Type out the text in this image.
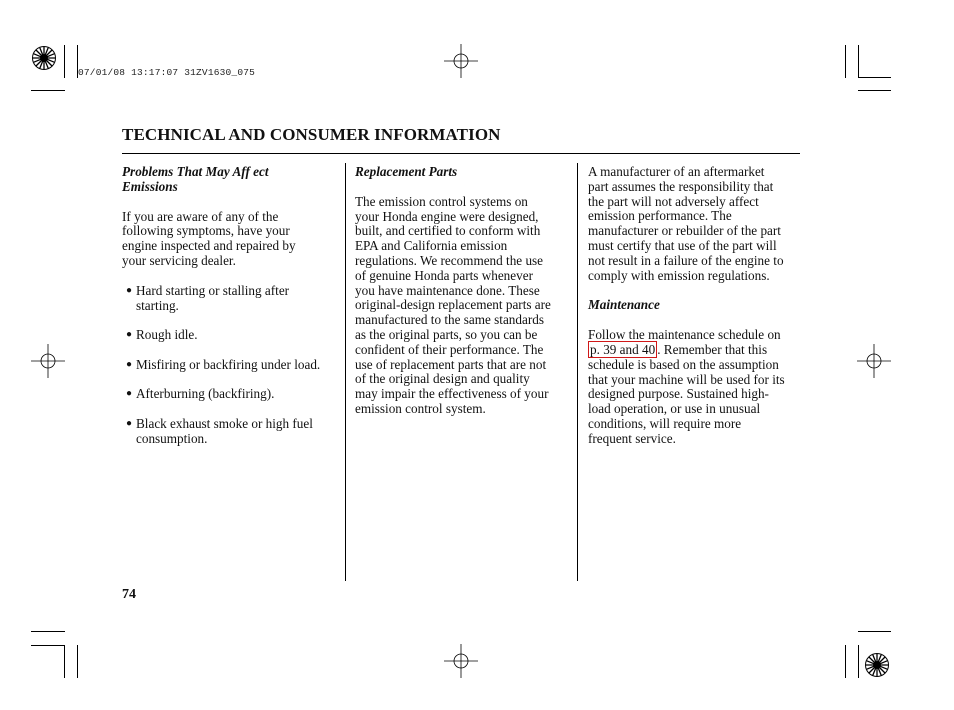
07/01/08 13:17:07 31ZV1630_075
TECHNICAL AND CONSUMER INFORMATION
Problems That May Aff ect
Emissions

If you are aware of any of the
following symptoms, have your
engine inspected and repaired by
your servicing dealer.

● Hard starting or stalling after
starting.
● Rough idle.
● Misfiring or backfiring under load.
● Afterburning (backfiring).
● Black exhaust smoke or high fuel
consumption.
Replacement Parts

The emission control systems on
your Honda engine were designed,
built, and certified to conform with
EPA and California emission
regulations. We recommend the use
of genuine Honda parts whenever
you have maintenance done. These
original-design replacement parts are
manufactured to the same standards
as the original parts, so you can be
confident of their performance. The
use of replacement parts that are not
of the original design and quality
may impair the effectiveness of your
emission control system.

A manufacturer of an aftermarket
part assumes the responsibility that
the part will not adversely affect
emission performance. The
manufacturer or rebuilder of the part
must certify that use of the part will
not result in a failure of the engine to
comply with emission regulations.

Maintenance

Follow the maintenance schedule on
p. 39 and 40 . Remember that this
schedule is based on the assumption
that your machine will be used for its
designed purpose. Sustained high-
load operation, or use in unusual
conditions, will require more
frequent service.

74
